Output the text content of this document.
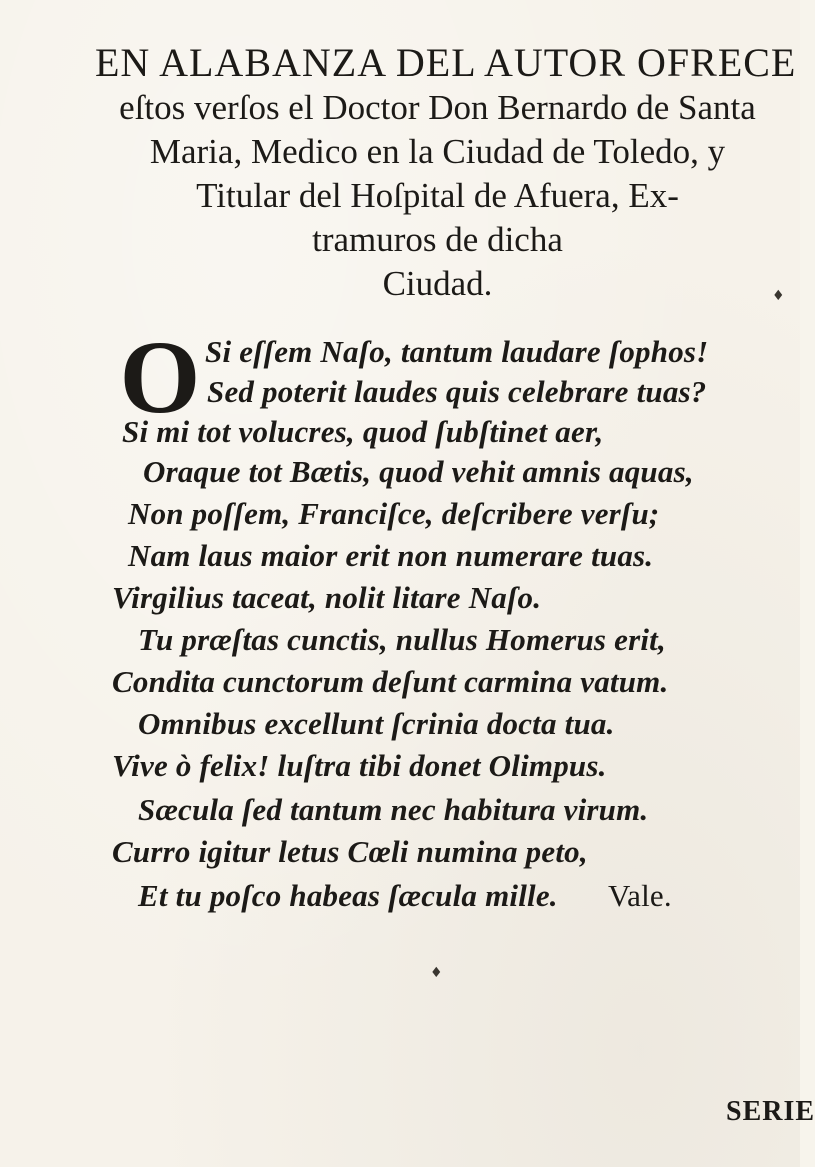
EN ALABANZA DEL AUTOR OFRECE

eſtos verſos el Doctor Don Bernardo de Santa

Maria, Medico en la Ciudad de Toledo, y

Titular del Hoſpital de Afuera, Ex-

tramuros de dicha

Ciudad.	♦
O Si eſſem Naſo, tantum laudare ſophos!
Sed poterit laudes quis celebrare tuas?
Si mi tot volucres, quod ſubſtinet aer,
Oraque tot Bætis, quod vehit amnis aquas,
Non poſſem, Franciſce, deſcribere verſu;
Nam laus maior erit non numerare tuas.
Virgilius taceat, nolit litare Naſo.
Tu præſtas cunctis, nullus Homerus erit,
Condita cunctorum deſunt carmina vatum.
Omnibus excellunt ſcrinia docta tua.
Vive ò felix! luſtra tibi donet Olimpus.
Sæcula ſed tantum nec habitura virum.
Curro igitur letus Cœli numina peto,
Et tu poſco habeas ſæcula mille. Vale.
♦
SERIE
